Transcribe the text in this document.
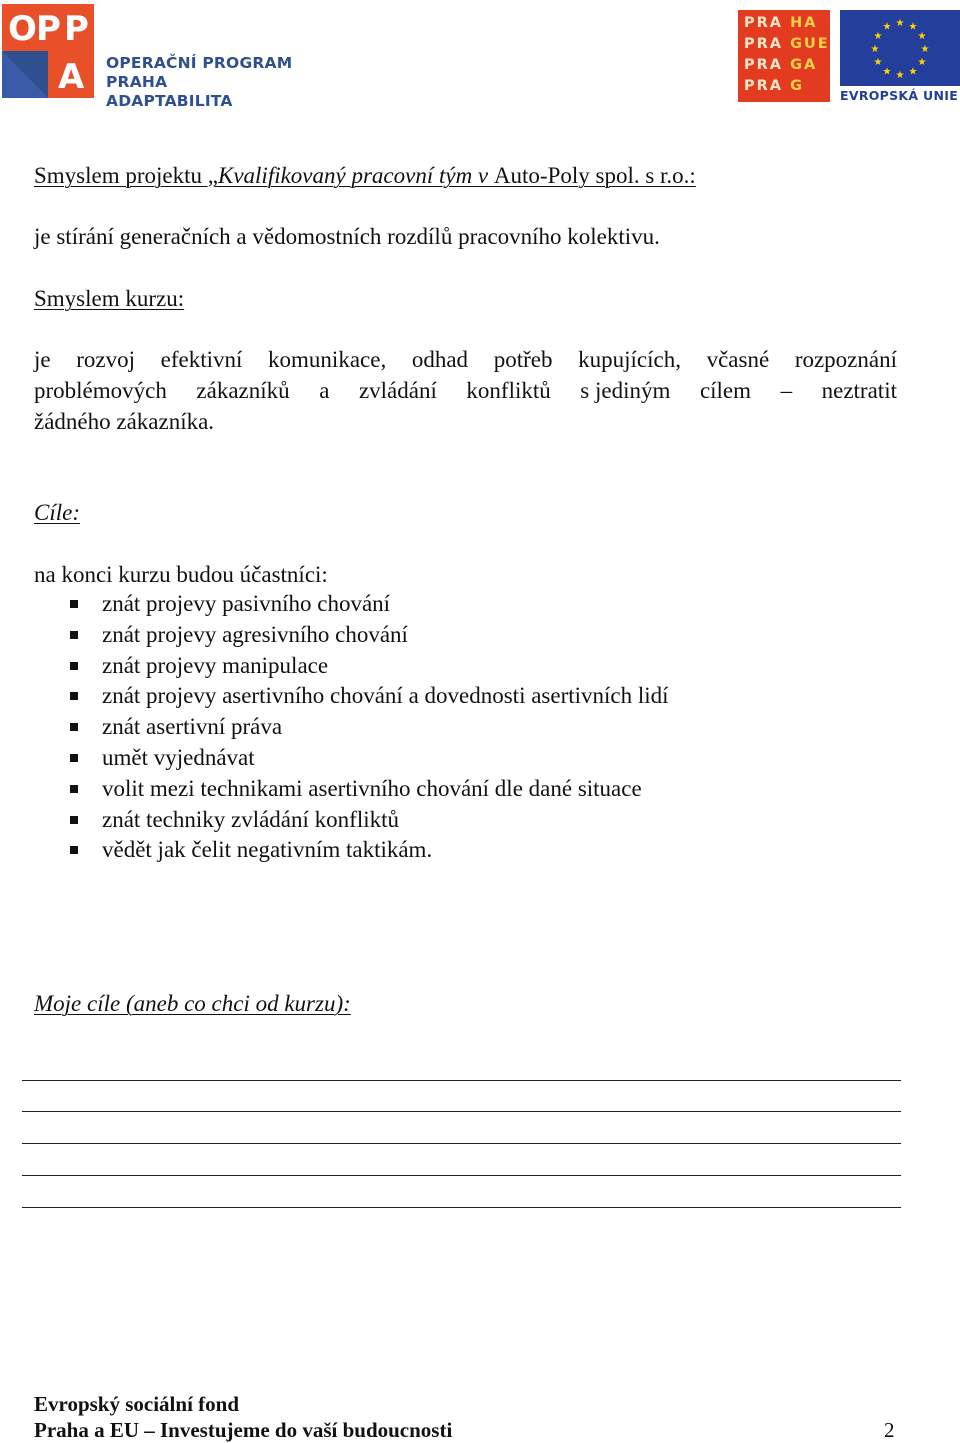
O P P
A OPERAČNÍ PROGRAM PRAHA
ADAPTABILITA
PRA HA
PRA GUE
PRA GA
PRA G
★ ★
★
★
★
★
★
★
★
★
★
★
EVROPSKÁ UNIE
Smyslem projektu „Kvalifikovaný pracovní tým v Auto-Poly spol. s r.o.:
je stírání generačních a vědomostních rozdílů pracovního kolektivu.
Smyslem kurzu:
je rozvoj efektivní komunikace, odhad potřeb kupujících, včasné rozpoznání
problémových zákazníků a zvládání konfliktů s jediným cílem – neztratit
žádného zákazníka.
Cíle:
na konci kurzu budou účastníci:
znát projevy pasivního chování
znát projevy agresivního chování
znát projevy manipulace
znát projevy asertivního chování a dovednosti asertivních lidí
znát asertivní práva
umět vyjednávat
volit mezi technikami asertivního chování dle dané situace
znát techniky zvládání konfliktů
vědět jak čelit negativním taktikám.
Moje cíle (aneb co chci od kurzu):
Evropský sociální fond
Praha a EU – Investujeme do vaší budoucnosti	2
